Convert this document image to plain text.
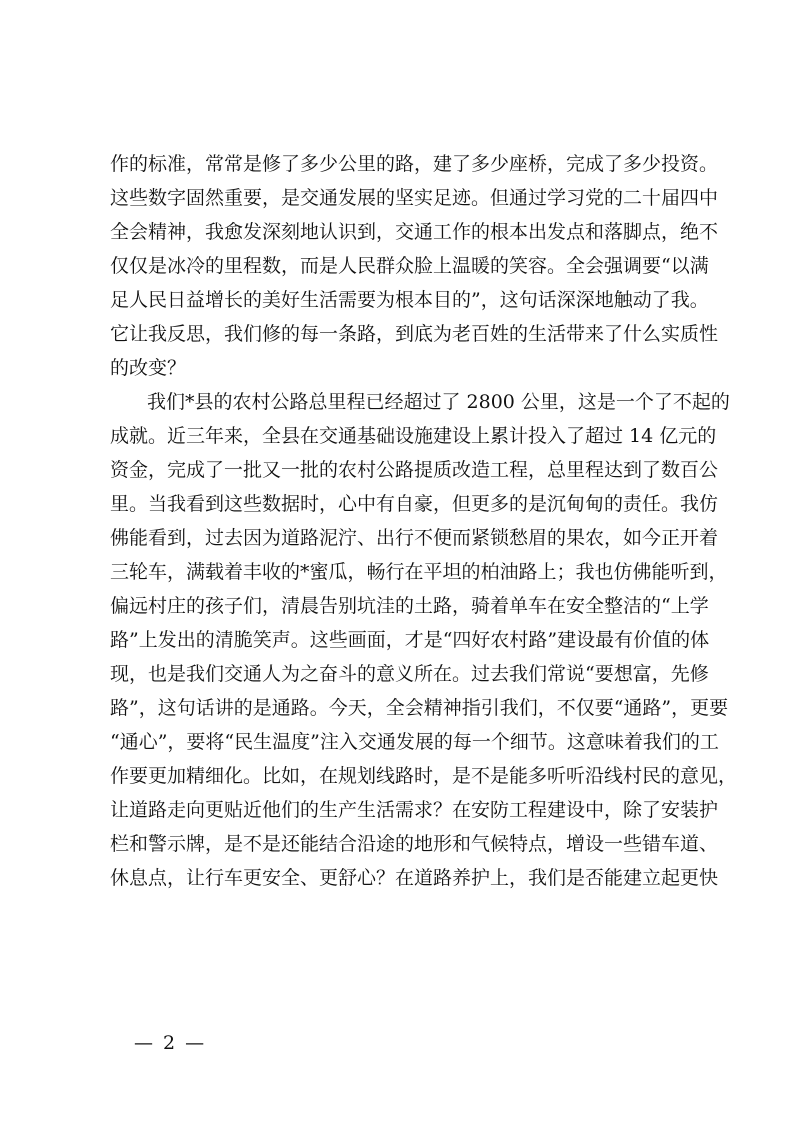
作的标准，常常是修了多少公里的路，建了多少座桥，完成了多少投资。
这些数字固然重要，是交通发展的坚实足迹。但通过学习党的二十届四中
全会精神，我愈发深刻地认识到，交通工作的根本出发点和落脚点，绝不
仅仅是冰冷的里程数，而是人民群众脸上温暖的笑容。全会强调要“以满
足人民日益增长的美好生活需要为根本目的”，这句话深深地触动了我。
它让我反思，我们修的每一条路，到底为老百姓的生活带来了什么实质性
的改变？
我们*县的农村公路总里程已经超过了 2800 公里，这是一个了不起的
成就。近三年来，全县在交通基础设施建设上累计投入了超过 14 亿元的
资金，完成了一批又一批的农村公路提质改造工程，总里程达到了数百公
里。当我看到这些数据时，心中有自豪，但更多的是沉甸甸的责任。我仿
佛能看到，过去因为道路泥泞、出行不便而紧锁愁眉的果农，如今正开着
三轮车，满载着丰收的*蜜瓜，畅行在平坦的柏油路上；我也仿佛能听到，
偏远村庄的孩子们，清晨告别坑洼的土路，骑着单车在安全整洁的“上学
路”上发出的清脆笑声。这些画面，才是“四好农村路”建设最有价值的体
现，也是我们交通人为之奋斗的意义所在。过去我们常说“要想富，先修
路”，这句话讲的是通路。今天，全会精神指引我们，不仅要“通路”，更要
“通心”，要将“民生温度”注入交通发展的每一个细节。这意味着我们的工
作要更加精细化。比如，在规划线路时，是不是能多听听沿线村民的意见，
让道路走向更贴近他们的生产生活需求？在安防工程建设中，除了安装护
栏和警示牌，是不是还能结合沿途的地形和气候特点，增设一些错车道、
休息点，让行车更安全、更舒心？在道路养护上，我们是否能建立起更快
— 2 —
